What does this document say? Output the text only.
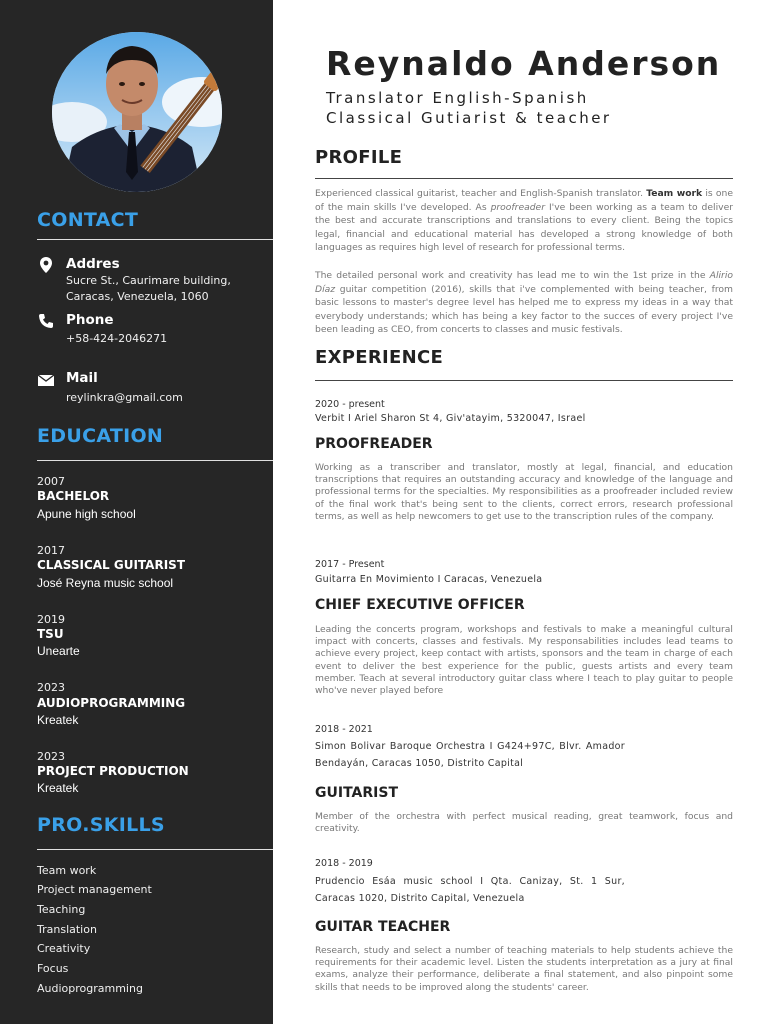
CONTACT
Addres
Sucre St., Caurimare building,
Caracas, Venezuela, 1060
Phone
+58-424-2046271
Mail
reylinkra@gmail.com
EDUCATION
2007
BACHELOR
Apune high school
2017
CLASSICAL GUITARIST
José Reyna music school
2019
TSU
Unearte
2023
AUDIOPROGRAMMING
Kreatek
2023
PROJECT PRODUCTION
Kreatek
PRO.SKILLS
Team work
Project management
Teaching
Translation
Creativity
Focus
Audioprogramming
Reynaldo Anderson
Translator English-Spanish
Classical Gutiarist & teacher
PROFILE
Experienced classical guitarist, teacher and English-Spanish translator. Team work is one of the main skills I've developed. As proofreader I've been working as a team to deliver the best and accurate transcriptions and translations to every client. Being the topics legal, financial and educational material has developed a strong knowledge of both languages as requires high level of research for professional terms.
The detailed personal work and creativity has lead me to win the 1st prize in the Alirio Díaz guitar competition (2016), skills that i've complemented with being teacher, from basic lessons to master's degree level has helped me to express my ideas in a way that everybody understands; which has being a key factor to the succes of every project I've been leading as CEO, from concerts to classes and music festivals.
EXPERIENCE
2020 - present
Verbit I Ariel Sharon St 4, Giv'atayim, 5320047, Israel
PROOFREADER
Working as a transcriber and translator, mostly at legal, financial, and education transcriptions that requires an outstanding accuracy and knowledge of the language and professional terms for the specialties. My responsibilities as a proofreader included review of the final work that's being sent to the clients, correct errors, research professional terms, as well as help newcomers to get use to the transcription rules of the company.
2017 - Present
Guitarra En Movimiento I Caracas, Venezuela
CHIEF EXECUTIVE OFFICER
Leading the concerts program, workshops and festivals to make a meaningful cultural impact with concerts, classes and festivals. My responsabilities includes lead teams to achieve every project, keep contact with artists, sponsors and the team in charge of each event to deliver the best experience for the public, guests artists and every team member. Teach at several introductory guitar class where I teach to play guitar to people who've never played before
2018 - 2021
Simon Bolivar Baroque Orchestra I G424+97C, Blvr. Amador Bendayán, Caracas 1050, Distrito Capital
GUITARIST
Member of the orchestra with perfect musical reading, great teamwork, focus and creativity.
2018 - 2019
Prudencio Esáa music school I Qta. Canizay, St. 1 Sur, Caracas 1020, Distrito Capital, Venezuela
GUITAR TEACHER
Research, study and select a number of teaching materials to help students achieve the requirements for their academic level. Listen the students interpretation as a jury at final exams, analyze their performance, deliberate a final statement, and also pinpoint some skills that needs to be improved along the students' career.
